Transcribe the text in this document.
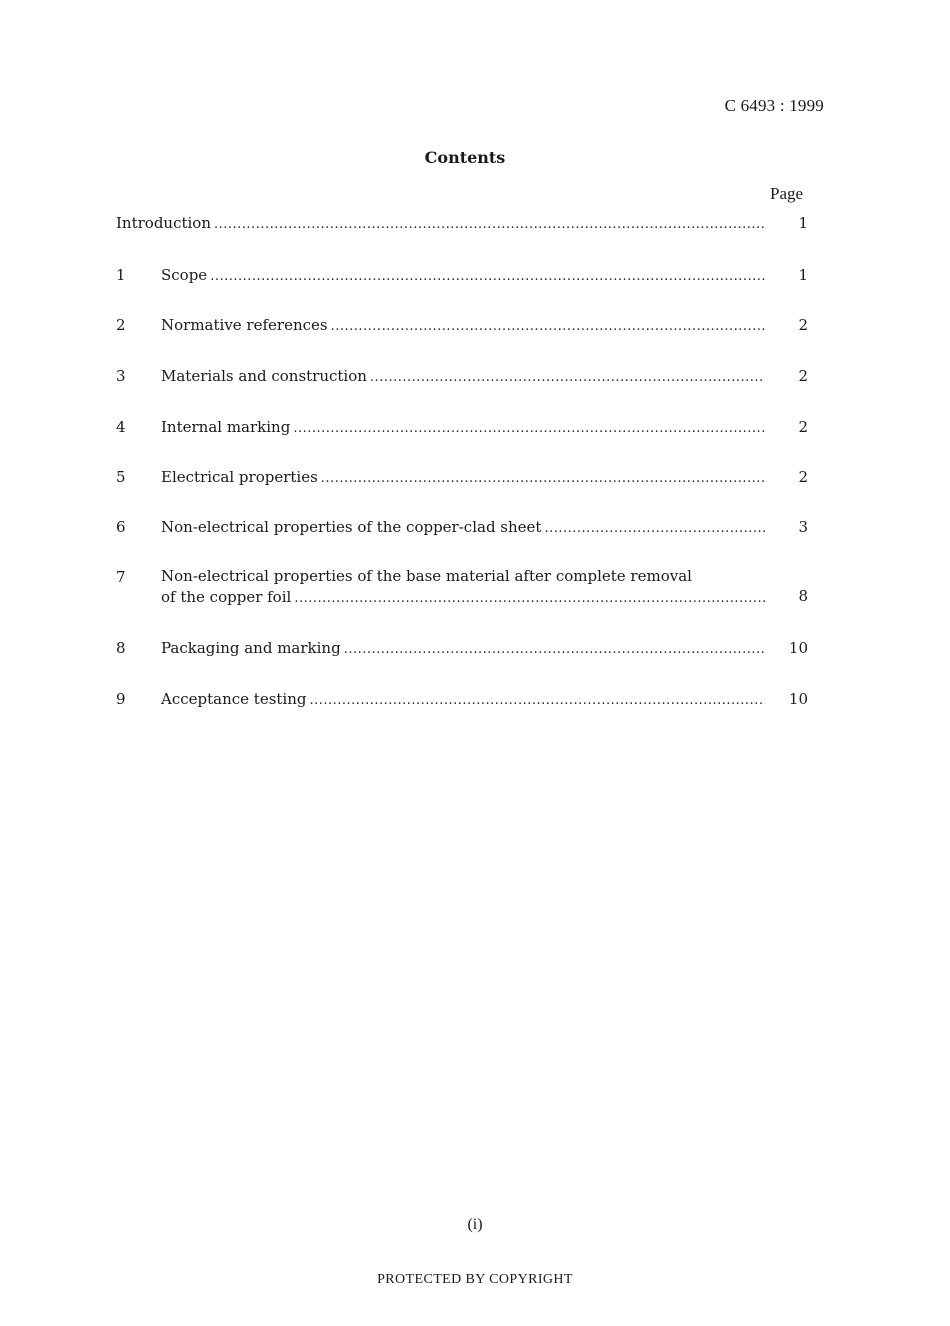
C 6493 : 1999
Contents
Page
Introduction .....	1
1	Scope .....	1
2	Normative references .....	2
3	Materials and construction .....	2
4	Internal marking .....	2
5	Electrical properties .....	2
6	Non-electrical properties of the copper-clad sheet .....	3
7	Non-electrical properties of the base material after complete removal
of the copper foil .....	8
8	Packaging and marking .....	10
9	Acceptance testing .....	10
(i)
PROTECTED BY COPYRIGHT
